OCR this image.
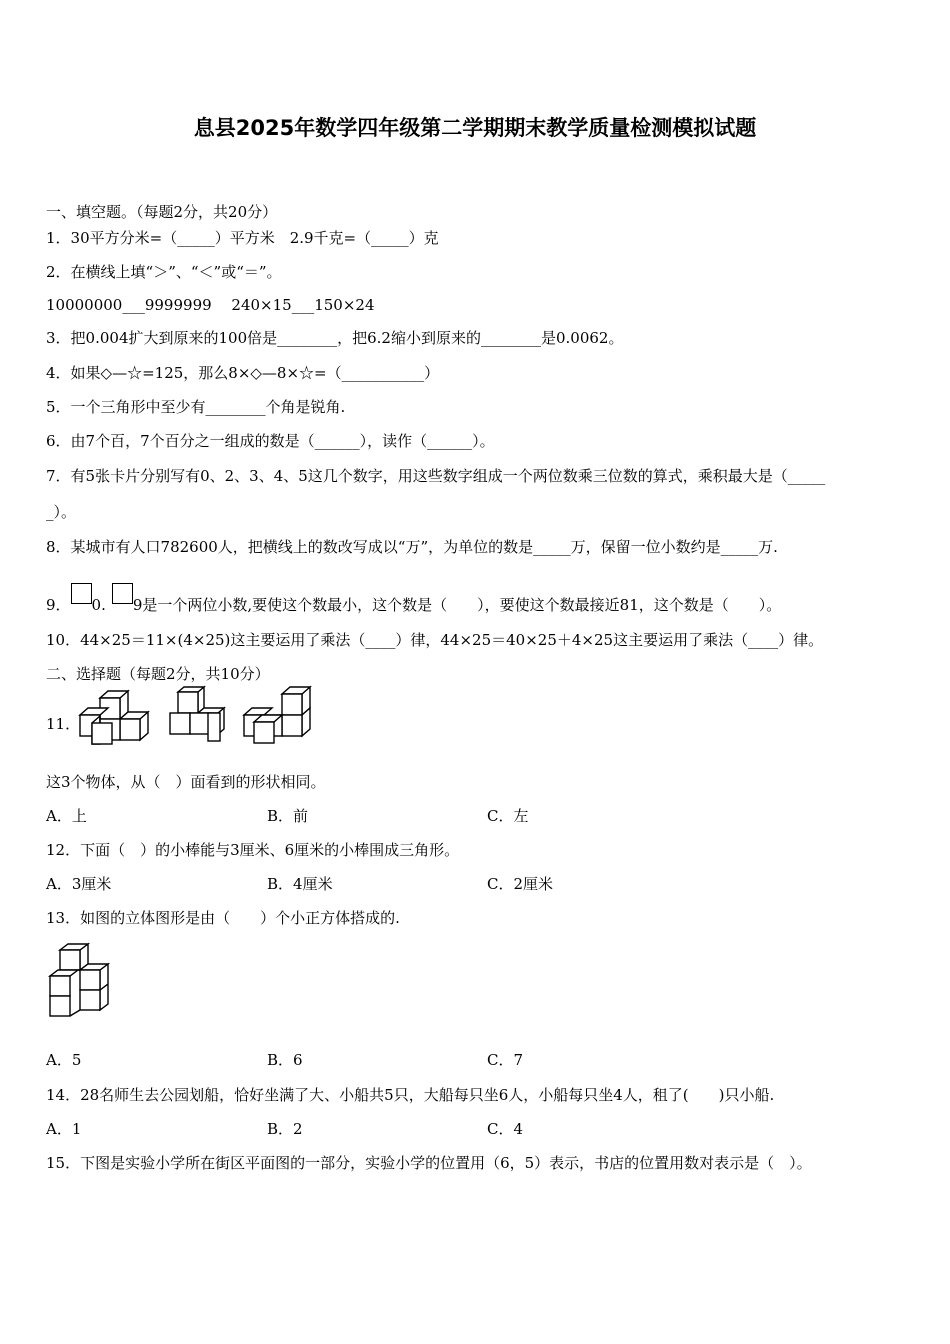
息县2025年数学四年级第二学期期末教学质量检测模拟试题
一、填空题。（每题2分，共20分）
1．30平方分米=（_____）平方米　2.9千克=（_____）克
2．在横线上填“＞”、“＜”或“＝”。
10000000___9999999　 240×15___150×24
3．把0.004扩大到原来的100倍是________，把6.2缩小到原来的________是0.0062。
4．如果◇—☆=125，那么8×◇—8×☆=（___________）
5．一个三角形中至少有________个角是锐角.
6．由7个百，7个百分之一组成的数是（______），读作（______）。
7．有5张卡片分别写有0、2、3、4、5这几个数字，用这些数字组成一个两位数乘三位数的算式，乘积最大是（_____
_）。
8．某城市有人口782600人，把横线上的数改写成以“万”，为单位的数是_____万，保留一位小数约是_____万.
9． 0. 9是一个两位小数,要使这个数最小，这个数是（　　），要使这个数最接近81，这个数是（　　）。
10．44×25＝11×(4×25)这主要运用了乘法（____）律，44×25＝40×25＋4×25这主要运用了乘法（____）律。
二、选择题（每题2分，共10分）
11．
这3个物体，从（　）面看到的形状相同。
A．上	B．前	C．左
12．下面（　）的小棒能与3厘米、6厘米的小棒围成三角形。
A．3厘米	B．4厘米	C．2厘米
13．如图的立体图形是由（　　）个小正方体搭成的.
A．5	B．6	C．7
14．28名师生去公园划船，恰好坐满了大、小船共5只，大船每只坐6人，小船每只坐4人，租了(　　)只小船.
A．1	B．2	C．4
15．下图是实验小学所在街区平面图的一部分，实验小学的位置用（6，5）表示，书店的位置用数对表示是（　）。
